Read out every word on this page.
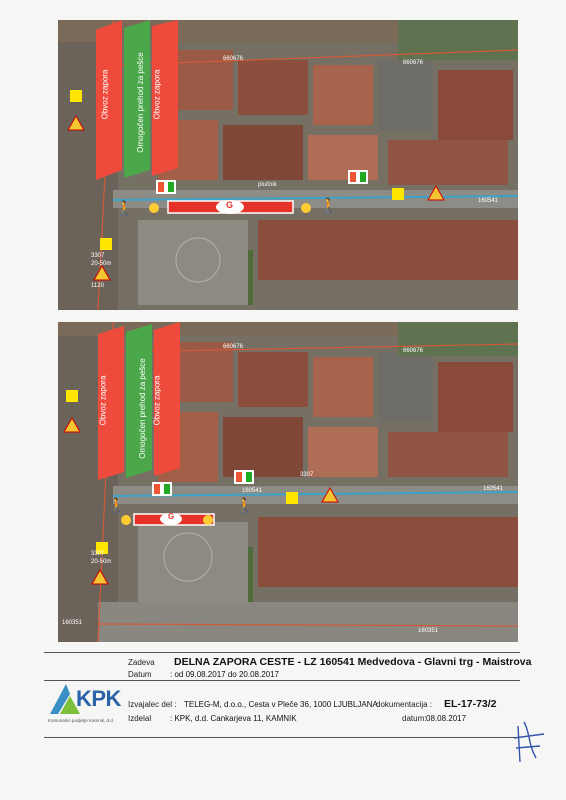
🚶	🚶
Obvoz zapora	Omogočen prehod za pešce Obvoz zapora
660676
660676
160541
3307
20-50m
1120
plučnik
G
🚶	🚶
Obvoz zapora	Omogočen prehod za pešce Obvoz zapora
660676
660676
160541	160541
3307
20-50m
160351
160351
3307
G
KPK
Komunalno podjetje Kamnik, d.d.
Zadeva DELNA ZAPORA CESTE - LZ 160541 Medvedova - Glavni trg - Maistrova
Datum : od 09.08.2017 do 20.08.2017
Izvajalec del : TELEG-M, d.o.o., Cesta v Pleče 36, 1000 LJUBLJANA
dokumentacija : EL-17-73/2
Izdelal : KPK, d.d. Cankarjeva 11, KAMNIK	datum: 08.08.2017
